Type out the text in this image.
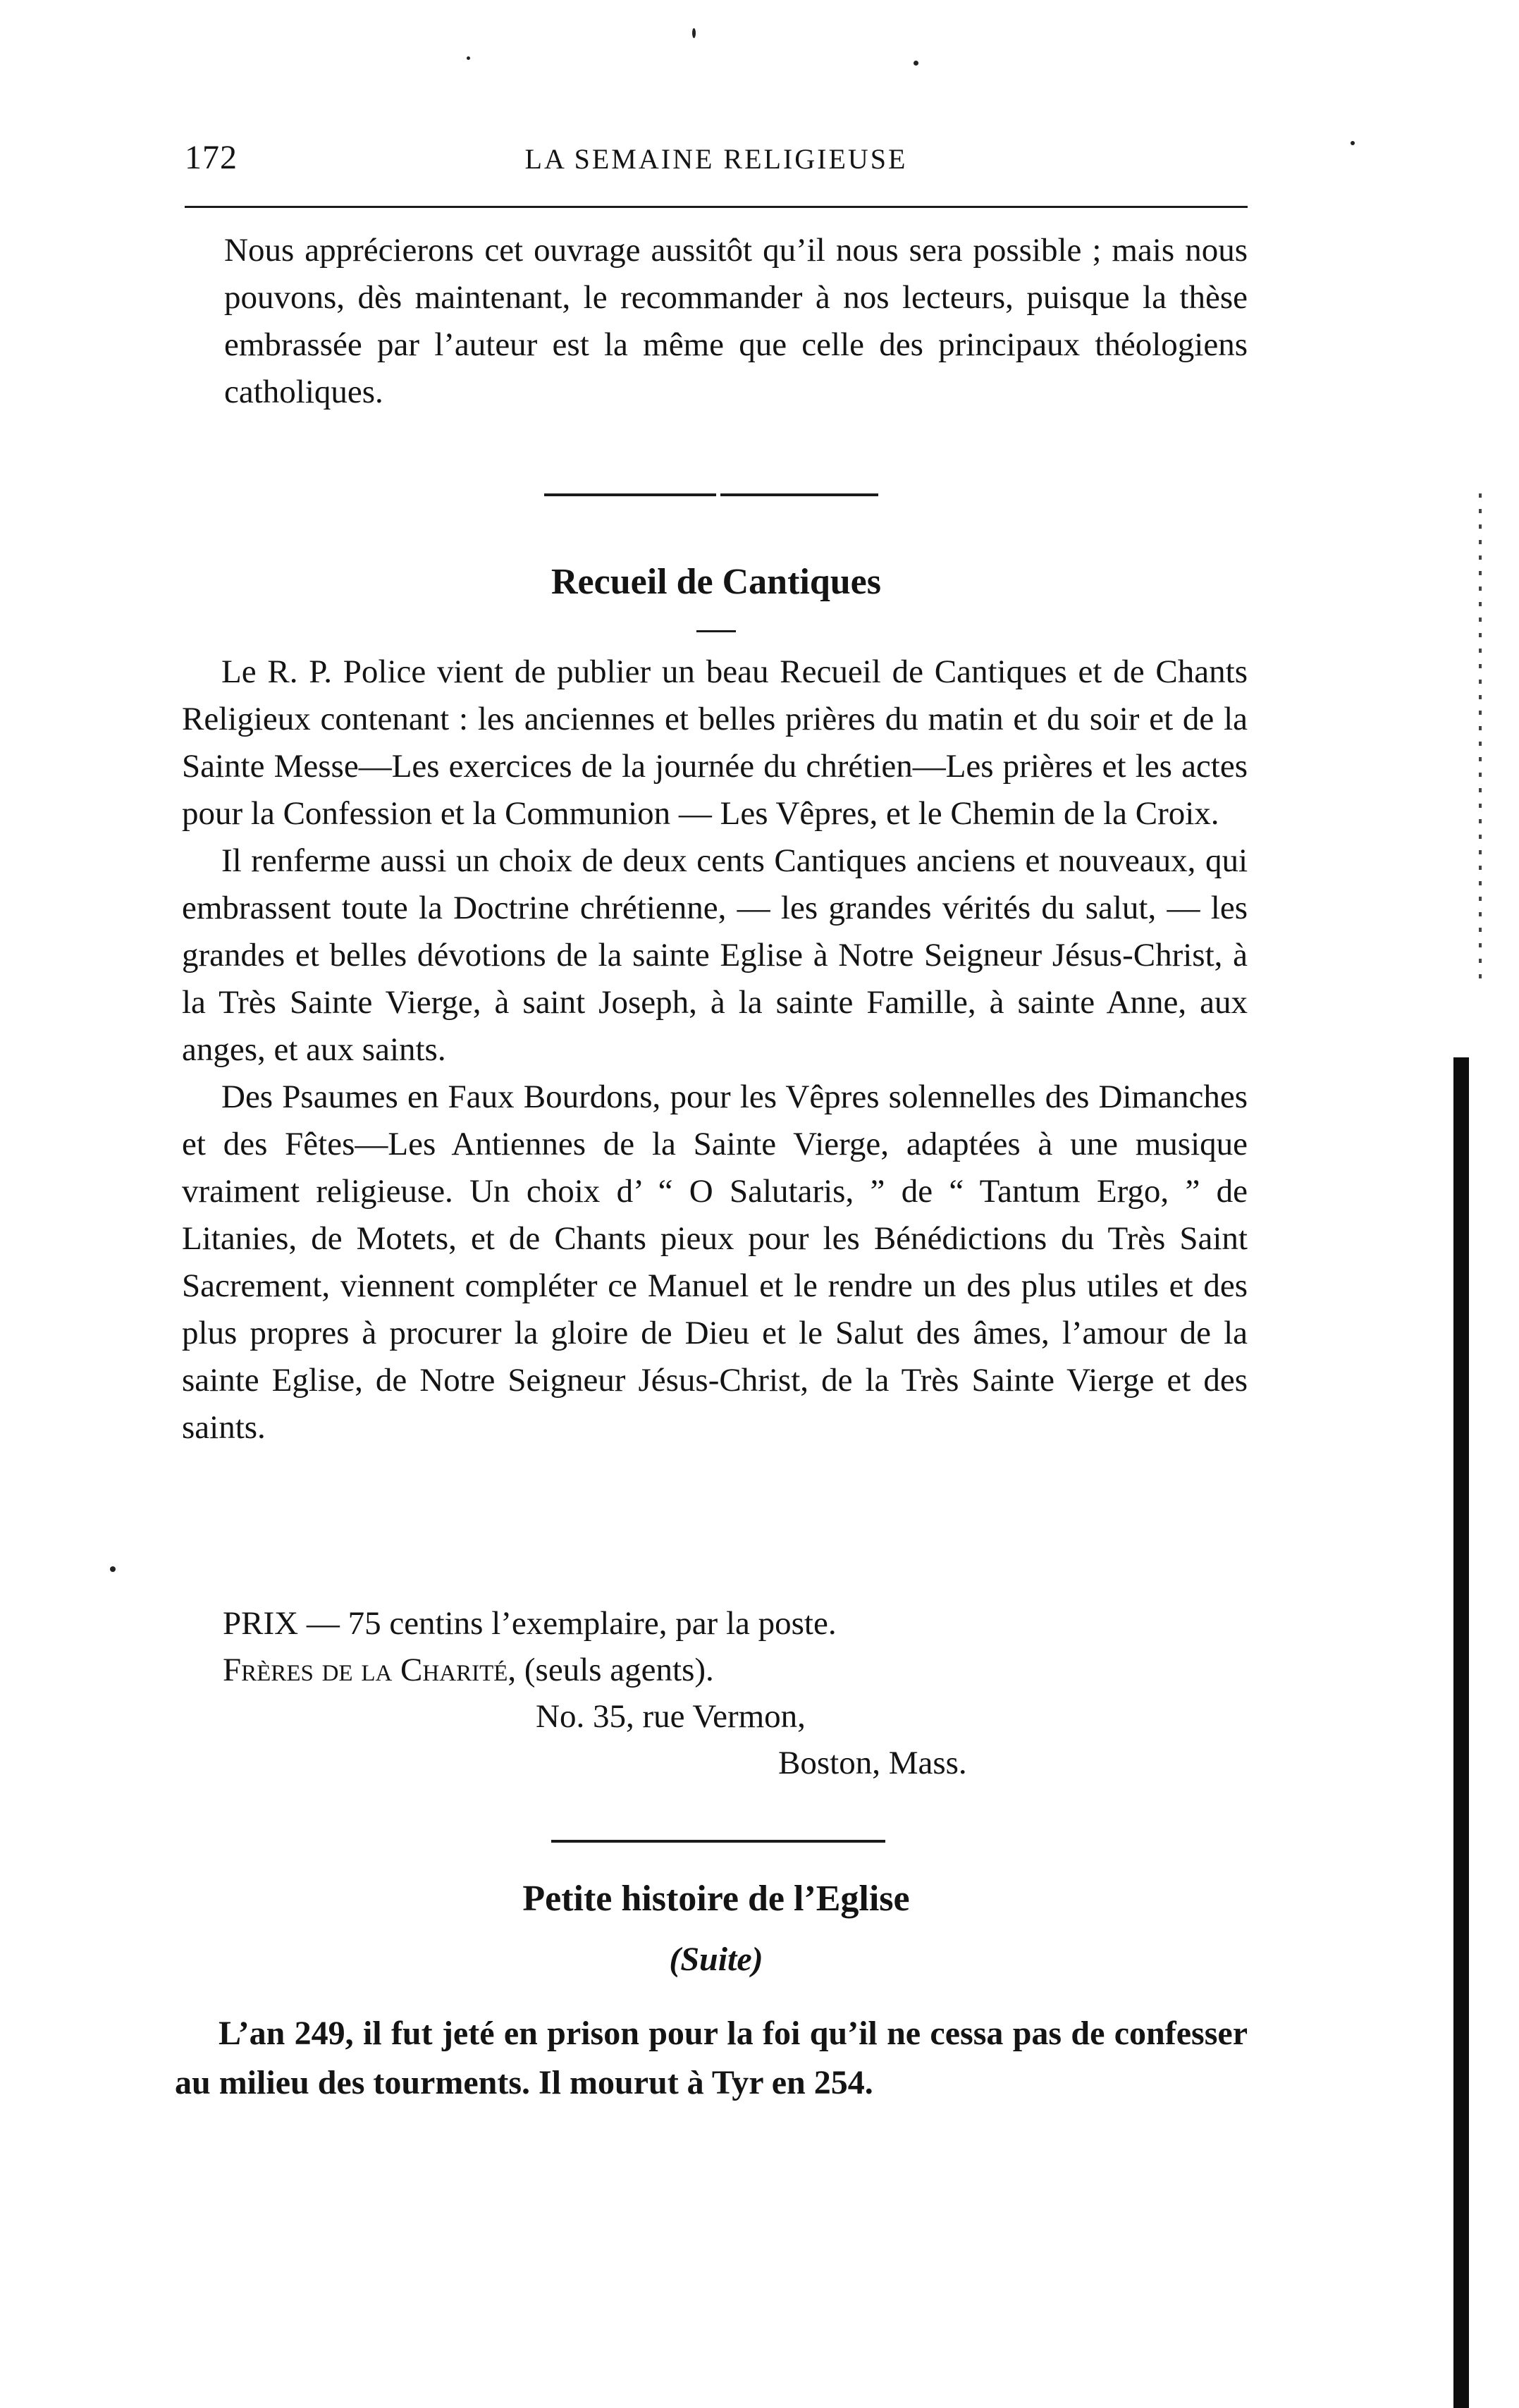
172	LA SEMAINE RELIGIEUSE

Nous apprécierons cet ouvrage aussitôt qu’il nous sera possible ; mais nous pouvons, dès maintenant, le recommander à nos lecteurs, puisque la thèse embrassée par l’auteur est la même que celle des principaux théologiens catholiques.

Recueil de Cantiques

Le R. P. Police vient de publier un beau Recueil de Cantiques et de Chants Religieux contenant : les anciennes et belles prières du matin et du soir et de la Sainte Messe—Les exercices de la journée du chrétien—Les prières et les actes pour la Confession et la Communion — Les Vêpres, et le Chemin de la Croix.

Il renferme aussi un choix de deux cents Cantiques anciens et nouveaux, qui embrassent toute la Doctrine chrétienne, — les grandes vérités du salut, — les grandes et belles dévotions de la sainte Eglise à Notre Seigneur Jésus-Christ, à la Très Sainte Vierge, à saint Joseph, à la sainte Famille, à sainte Anne, aux anges, et aux saints.

Des Psaumes en Faux Bourdons, pour les Vêpres solennelles des Dimanches et des Fêtes—Les Antiennes de la Sainte Vierge, adaptées à une musique vraiment religieuse. Un choix d’ “ O Salutaris, ” de “ Tantum Ergo, ” de Litanies, de Motets, et de Chants pieux pour les Bénédictions du Très Saint Sacrement, viennent compléter ce Manuel et le rendre un des plus utiles et des plus propres à procurer la gloire de Dieu et le Salut des âmes, l’amour de la sainte Eglise, de Notre Seigneur Jésus-Christ, de la Très Sainte Vierge et des saints.

PRIX — 75 centins l’exemplaire, par la poste.
Frères de la Charité, (seuls agents).
No. 35, rue Vermon,
Boston, Mass.
Petite histoire de l’Eglise
(Suite)

L’an 249, il fut jeté en prison pour la foi qu’il ne cessa pas de confesser au milieu des tourments. Il mourut à Tyr en 254.
